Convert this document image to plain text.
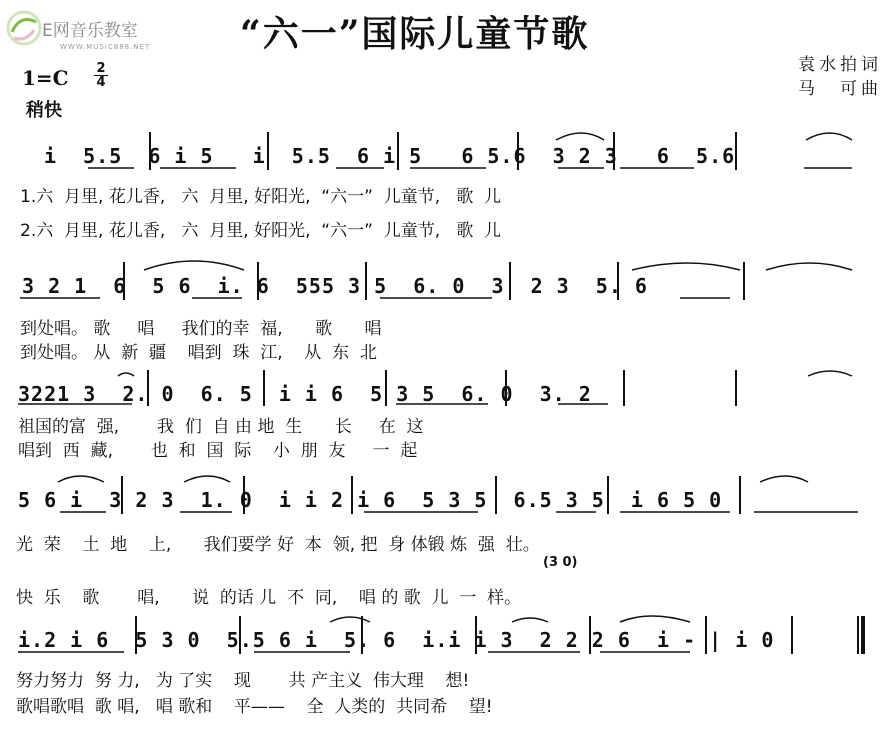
E网音乐教室
WWW.MUSIC888.NET “六一”国际儿童节歌
袁水拍词
马　可曲
1=C 2
4
稍快
i  5.5  6 i 5   i  5.5  6 i 5   6 5.6  3 2 3   6  5.6
1.六  月里, 花儿香,   六  月里, 好阳光,  “六一”  儿童节,   歌  儿
2.六  月里, 花儿香,   六  月里, 好阳光,  “六一”  儿童节,   歌  儿
3 2 1  6  5 6  i. 6  555 3 5  6. 0  3  2 3  5. 6
到处唱。 歌     唱     我们的幸  福,      歌      唱
到处唱。 从  新  疆    唱到  珠  江,    从  东  北
3221 3  2. 0  6. 5  i i 6  5 3 5  6. 0  3. 2
祖国的富  强,       我  们  自 由 地  生      长     在  这
唱到  西  藏,       也  和  国  际    小  朋  友     一  起
5 6 i  3 2 3  1. 0  i i 2 i 6  5 3 5  6.5 3 5  i 6 5 0
光  荣    土  地    上,      我们要学 好  本  领, 把  身 体锻 炼  强  壮。
(3 0)
快  乐    歌       唱,      说  的话 儿  不  同,    唱 的 歌  儿  一  样。
i.2 i 6  5 3 0  5.5 6 i  5. 6  i.i i 3  2 2 2 6  i - | i 0
努力努力  努 力,   为 了实    现       共 产主义  伟大理    想!
歌唱歌唱  歌 唱,   唱 歌和    平——    全  人类的  共同希    望!
